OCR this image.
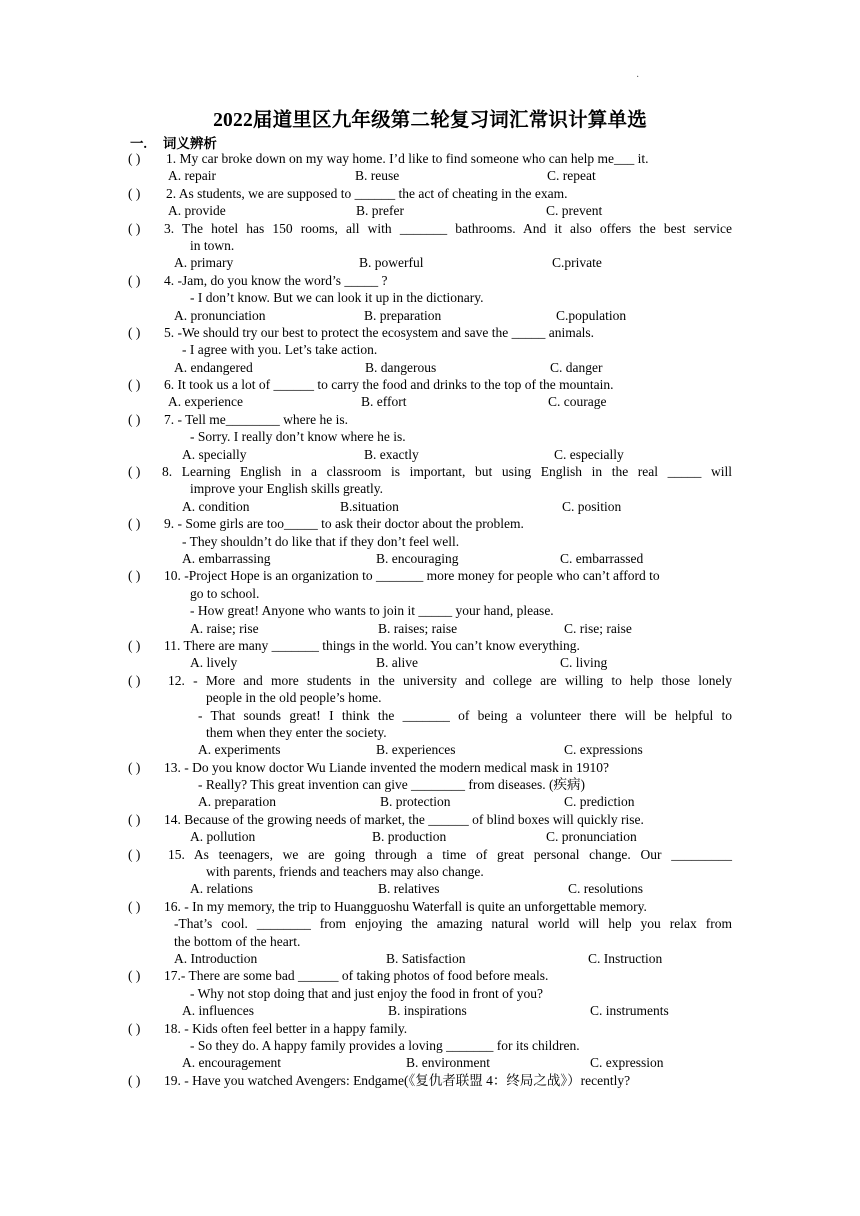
·
2022届道里区九年级第二轮复习词汇常识计算单选
一. 词义辨析
( ) 1. My car broke down on my way home. I’d like to find someone who can help me___ it.
A. repair	B. reuse	C. repeat
( ) 2. As students, we are supposed to ______ the act of cheating in the exam.
A. provide	B. prefer	C. prevent
( ) 3. The hotel has 150 rooms, all with _______ bathrooms. And it also offers the best service
in town.
A. primary	B. powerful	C.private
( ) 4. -Jam, do you know the word’s _____ ?
- I don’t know. But we can look it up in the dictionary.
A. pronunciation	B. preparation	C.population
( ) 5. -We should try our best to protect the ecosystem and save the _____ animals.
- I agree with you. Let’s take action.
A. endangered	B. dangerous	C. danger
( ) 6. It took us a lot of ______ to carry the food and drinks to the top of the mountain.
A. experience	B. effort	C. courage
( ) 7. - Tell me________ where he is.
- Sorry. I really don’t know where he is.
A. specially	B. exactly	C. especially
( ) 8. Learning English in a classroom is important, but using English in the real _____ will
improve your English skills greatly.
A. condition	B.situation	C. position
( ) 9. - Some girls are too_____ to ask their doctor about the problem.
- They shouldn’t do like that if they don’t feel well.
A. embarrassing	B. encouraging	C. embarrassed
( ) 10. -Project Hope is an organization to _______ more money for people who can’t afford to
go to school.
- How great! Anyone who wants to join it _____ your hand, please.
A. raise; rise	B. raises; raise	C. rise; raise
( ) 11. There are many _______ things in the world. You can’t know everything.
A. lively	B. alive	C. living
( ) 12. - More and more students in the university and college are willing to help those lonely
people in the old people’s home.
- That sounds great! I think the _______ of being a volunteer there will be helpful to
them when they enter the society.
A. experiments	B. experiences	C. expressions
( ) 13. - Do you know doctor Wu Liande invented the modern medical mask in 1910?
- Really? This great invention can give ________ from diseases. (疾病)
A. preparation	B. protection	C. prediction
( ) 14. Because of the growing needs of market, the ______ of blind boxes will quickly rise.
A. pollution	B. production	C. pronunciation
( ) 15. As teenagers, we are going through a time of great personal change. Our _________
with parents, friends and teachers may also change.
A. relations	B. relatives	C. resolutions
( ) 16. - In my memory, the trip to Huangguoshu Waterfall is quite an unforgettable memory.
-That’s cool. ________ from enjoying the amazing natural world will help you relax from
the bottom of the heart.
A. Introduction	B. Satisfaction	C. Instruction
( ) 17.- There are some bad ______ of taking photos of food before meals.
- Why not stop doing that and just enjoy the food in front of you?
A. influences	B. inspirations	C. instruments
( ) 18. - Kids often feel better in a happy family.
- So they do. A happy family provides a loving _______ for its children.
A. encouragement	B. environment	C. expression
( ) 19. - Have you watched Avengers: Endgame(《复仇者联盟 4：终局之战》）recently?
